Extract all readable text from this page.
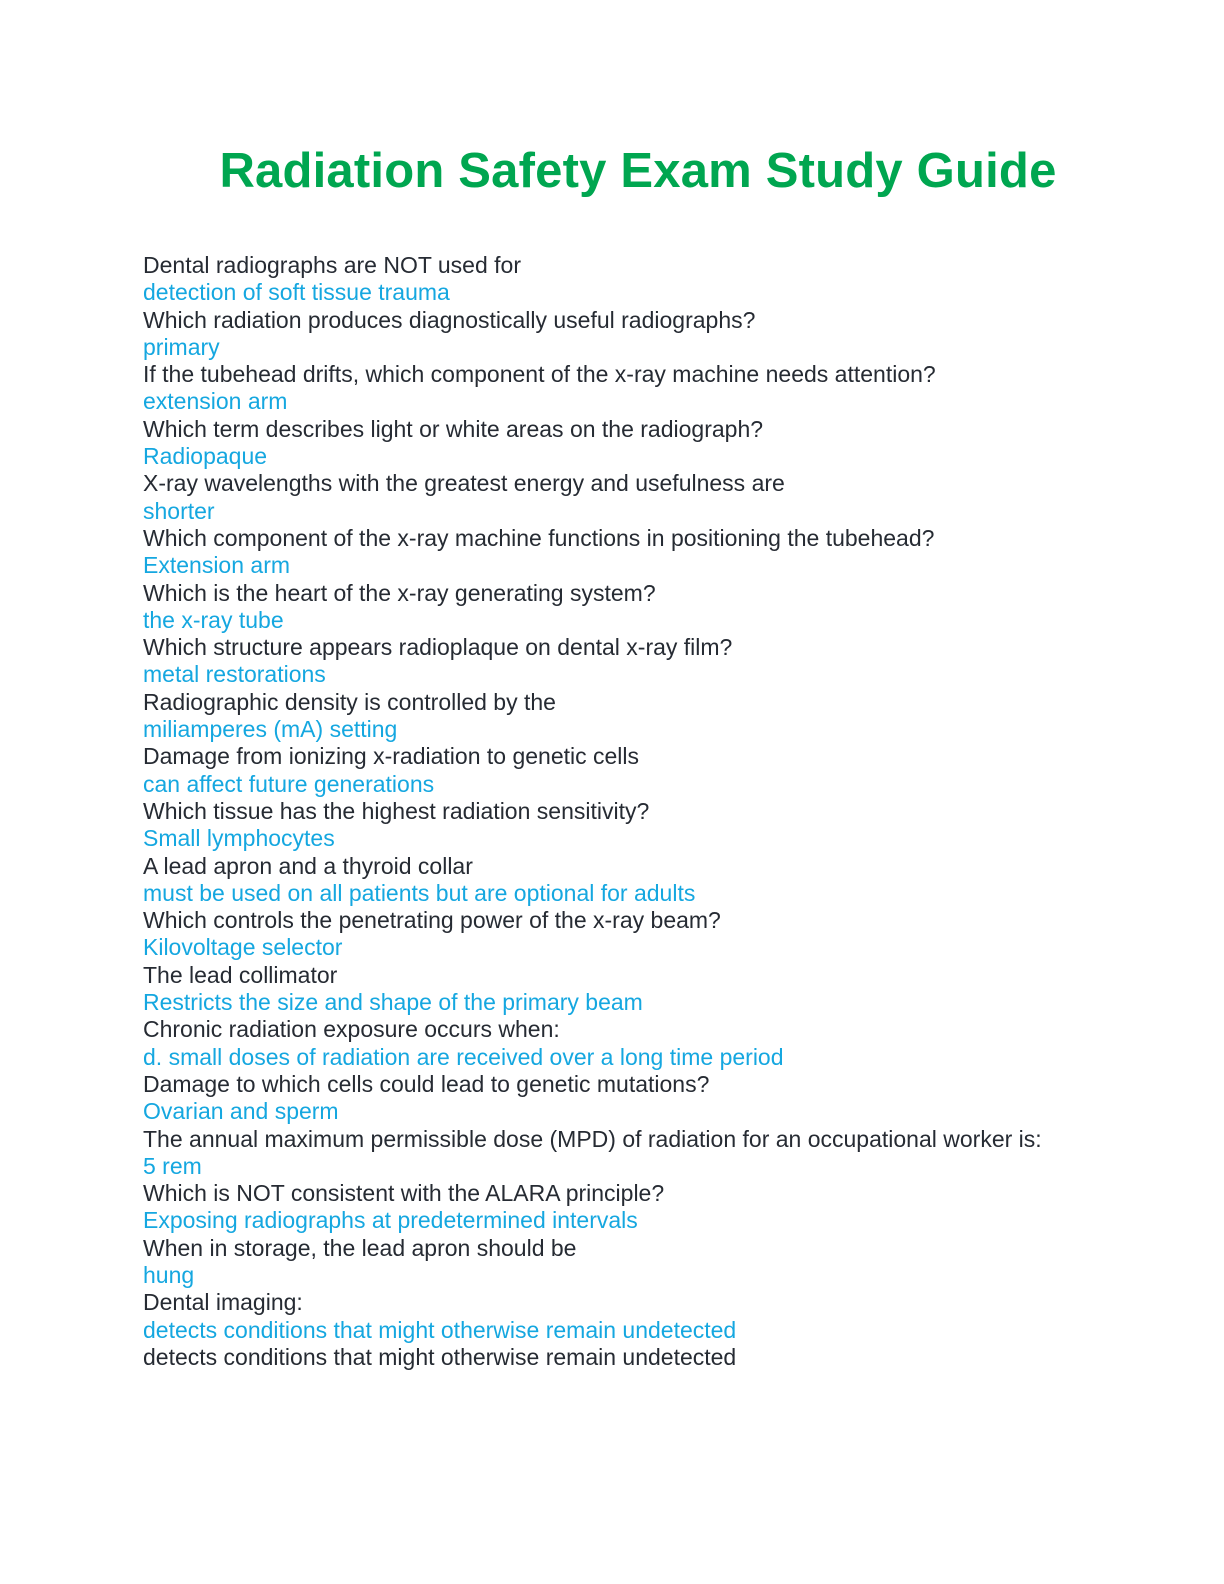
Radiation Safety Exam Study Guide
Dental radiographs are NOT used for
detection of soft tissue trauma
Which radiation produces diagnostically useful radiographs?
primary
If the tubehead drifts, which component of the x-ray machine needs attention?
extension arm
Which term describes light or white areas on the radiograph?
Radiopaque
X-ray wavelengths with the greatest energy and usefulness are
shorter
Which component of the x-ray machine functions in positioning the tubehead?
Extension arm
Which is the heart of the x-ray generating system?
the x-ray tube
Which structure appears radioplaque on dental x-ray film?
metal restorations
Radiographic density is controlled by the
miliamperes (mA) setting
Damage from ionizing x-radiation to genetic cells
can affect future generations
Which tissue has the highest radiation sensitivity?
Small lymphocytes
A lead apron and a thyroid collar
must be used on all patients but are optional for adults
Which controls the penetrating power of the x-ray beam?
Kilovoltage selector
The lead collimator
Restricts the size and shape of the primary beam
Chronic radiation exposure occurs when:
d. small doses of radiation are received over a long time period
Damage to which cells could lead to genetic mutations?
Ovarian and sperm
The annual maximum permissible dose (MPD) of radiation for an occupational worker is:
5 rem
Which is NOT consistent with the ALARA principle?
Exposing radiographs at predetermined intervals
When in storage, the lead apron should be
hung
Dental imaging:
detects conditions that might otherwise remain undetected
detects conditions that might otherwise remain undetected
